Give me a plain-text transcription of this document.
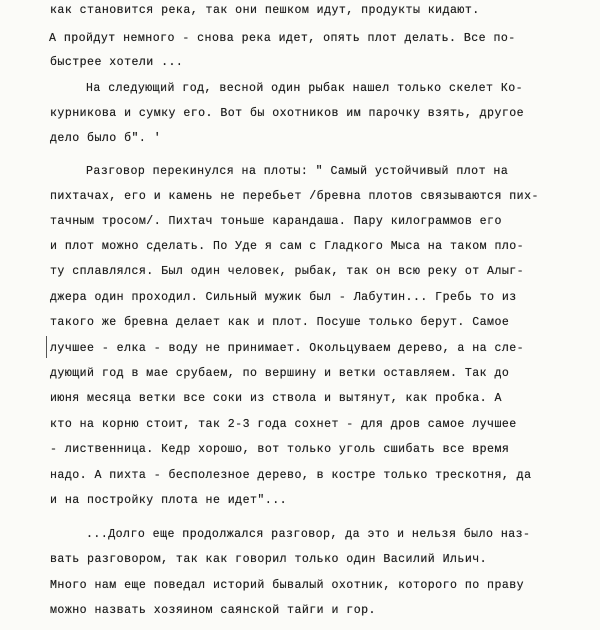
как становится река, так они пешком идут, продукты кидают.
А пройдут немного - снова река идет, опять плот делать. Все по-
быстрее хотели ...
На следующий год, весной один рыбак нашел только скелет Ко-
курникова и сумку его. Вот бы охотников им парочку взять, другое
дело было б". '
Разговор перекинулся на плоты: " Самый устойчивый плот на
пихтачах, его и камень не перебьет /бревна плотов связываются пих-
тачным тросом/. Пихтач тоньше карандаша. Пару килограммов его
и плот можно сделать. По Уде я сам с Гладкого Мыса на таком пло-
ту сплавлялся. Был один человек, рыбак, так он всю реку от Алыг-
джера один проходил. Сильный мужик был - Лабутин... Гребь то из
такого же бревна делает как и плот. Посуше только берут. Самое
лучшее - елка - воду не принимает. Окольцуваем дерево, а на сле-
дующий год в мае срубаем, по вершину и ветки оставляем. Так до
июня месяца ветки все соки из ствола и вытянут, как пробка. А
кто на корню стоит, так 2-3 года сохнет - для дров самое лучшее
- лиственница. Кедр хорошо, вот только уголь сшибать все время
надо. А пихта - бесполезное дерево, в костре только трескотня, да
и на постройку плота не идет"...
...Долго еще продолжался разговор, да это и нельзя было наз-
вать разговором, так как говорил только один Василий Ильич.
Много нам еще поведал историй бывалый охотник, которого по праву
можно назвать хозяином саянской тайги и гор.
